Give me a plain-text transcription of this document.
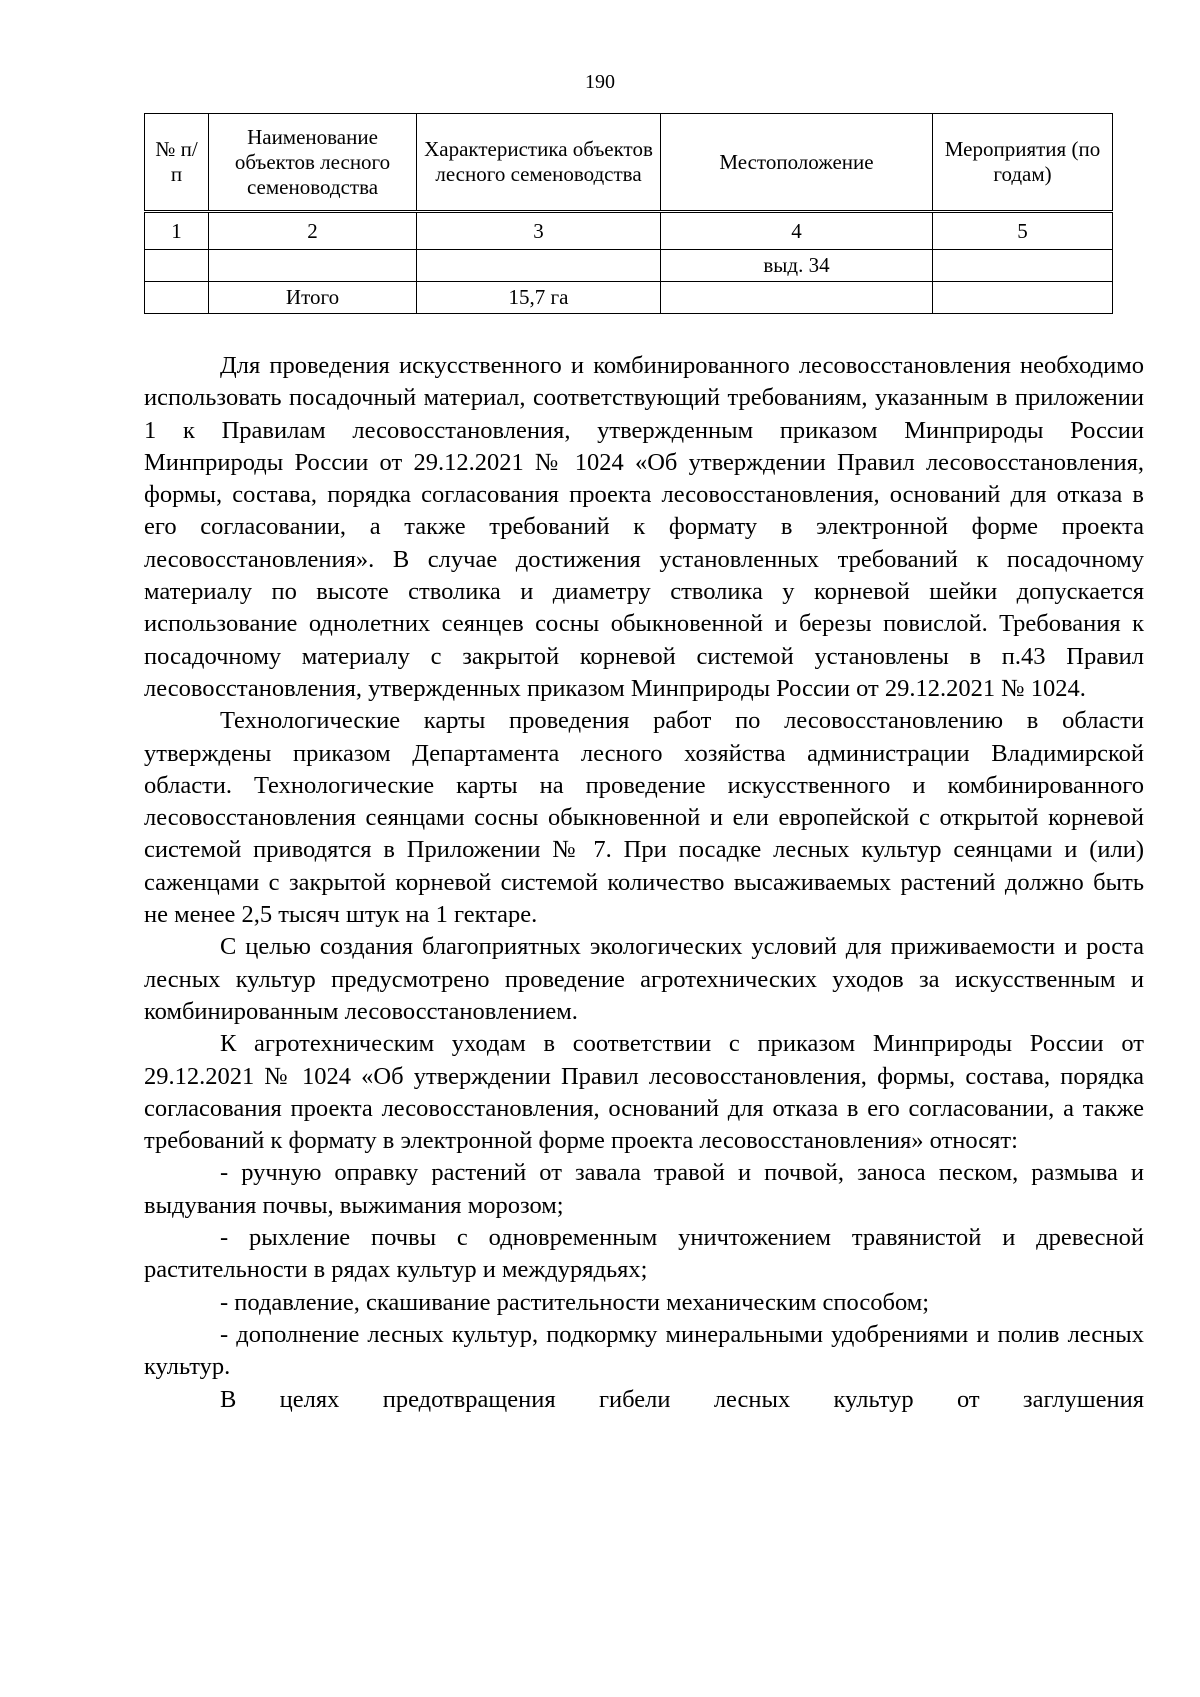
190
№ п/п	Наименование объектов лесного семеноводства	Характеристика объектов лесного семеноводства	Местоположение	Мероприятия (по годам)
1	2	3	4	5
			выд. 34	
	Итого	15,7 га		

Для проведения искусственного и комбинированного лесовосстановления необходимо использовать посадочный материал, соответствующий требованиям, указанным в приложении 1 к Правилам лесовосстановления, утвержденным приказом Минприроды России Минприроды России от 29.12.2021 № 1024 «Об утверждении Правил лесовосстановления, формы, состава, порядка согласования проекта лесовосстановления, оснований для отказа в его согласовании, а также требований к формату в электронной форме проекта лесовосстановления». В случае достижения установленных требований к посадочному материалу по высоте стволика и диаметру стволика у корневой шейки допускается использование однолетних сеянцев сосны обыкновенной и березы повислой. Требования к посадочному материалу с закрытой корневой системой установлены в п.43 Правил лесовосстановления, утвержденных приказом Минприроды России от 29.12.2021 № 1024.

Технологические карты проведения работ по лесовосстановлению в области утверждены приказом Департамента лесного хозяйства администрации Владимирской области. Технологические карты на проведение искусственного и комбинированного лесовосстановления сеянцами сосны обыкновенной и ели европейской с открытой корневой системой приводятся в Приложении № 7. При посадке лесных культур сеянцами и (или) саженцами с закрытой корневой системой количество высаживаемых растений должно быть не менее 2,5 тысяч штук на 1 гектаре.

С целью создания благоприятных экологических условий для приживаемости и роста лесных культур предусмотрено проведение агротехнических уходов за искусственным и комбинированным лесовосстановлением.

К агротехническим уходам в соответствии с приказом Минприроды России от 29.12.2021 № 1024 «Об утверждении Правил лесовосстановления, формы, состава, порядка согласования проекта лесовосстановления, оснований для отказа в его согласовании, а также требований к формату в электронной форме проекта лесовосстановления» относят:

- ручную оправку растений от завала травой и почвой, заноса песком, размыва и выдувания почвы, выжимания морозом;

- рыхление почвы с одновременным уничтожением травянистой и древесной растительности в рядах культур и междурядьях;

- подавление, скашивание растительности механическим способом;

- дополнение лесных культур, подкормку минеральными удобрениями и полив лесных культур.

В целях предотвращения гибели лесных культур от заглушения
